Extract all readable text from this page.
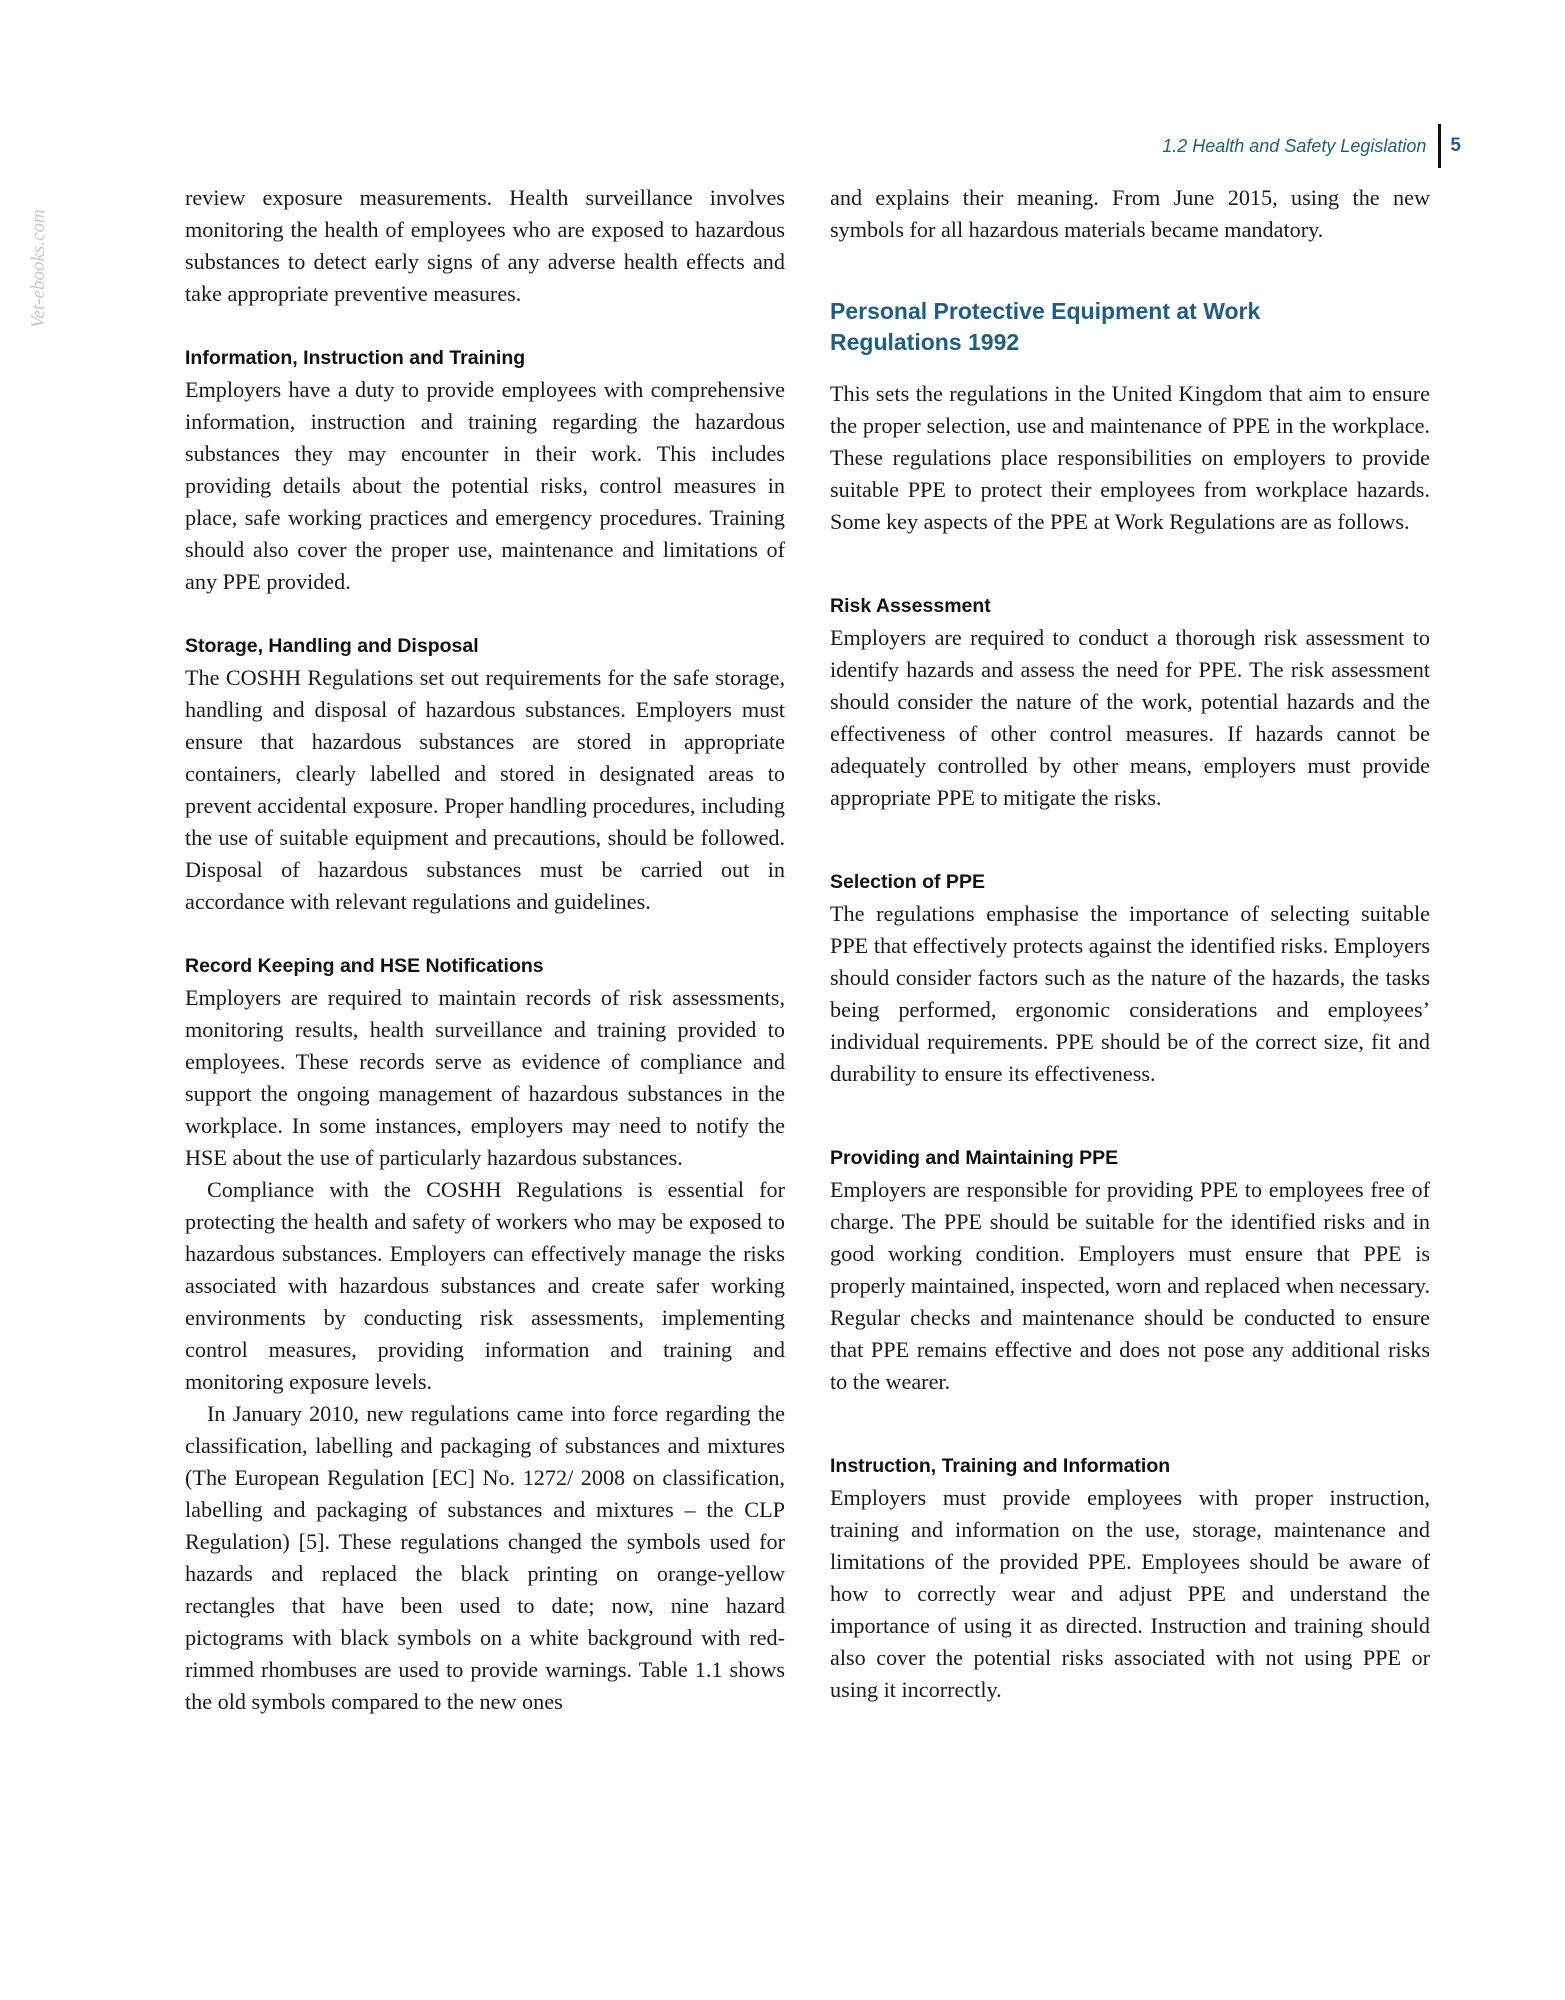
1.2 Health and Safety Legislation	5
Vet-ebooks.com

review exposure measurements. Health surveillance involves monitoring the health of employees who are exposed to hazardous substances to detect early signs of any adverse health effects and take appropriate preventive measures.

Information, Instruction and Training

Employers have a duty to provide employees with comprehensive information, instruction and training regarding the hazardous substances they may encounter in their work. This includes providing details about the potential risks, control measures in place, safe working practices and emergency procedures. Training should also cover the proper use, maintenance and limitations of any PPE provided.

Storage, Handling and Disposal

The COSHH Regulations set out requirements for the safe storage, handling and disposal of hazardous substances. Employers must ensure that hazardous substances are stored in appropriate containers, clearly labelled and stored in designated areas to prevent accidental exposure. Proper handling procedures, including the use of suitable equipment and precautions, should be followed. Disposal of hazardous substances must be carried out in accordance with relevant regulations and guidelines.

Record Keeping and HSE Notifications

Employers are required to maintain records of risk assessments, monitoring results, health surveillance and training provided to employees. These records serve as evidence of compliance and support the ongoing management of hazardous substances in the workplace. In some instances, employers may need to notify the HSE about the use of particularly hazardous substances.

Compliance with the COSHH Regulations is essential for protecting the health and safety of workers who may be exposed to hazardous substances. Employers can effectively manage the risks associated with hazardous substances and create safer working environments by conducting risk assessments, implementing control measures, providing information and training and monitoring exposure levels.

In January 2010, new regulations came into force regarding the classification, labelling and packaging of substances and mixtures (The European Regulation [EC] No. 1272/ 2008 on classification, labelling and packaging of substances and mixtures – the CLP Regulation) [5]. These regulations changed the symbols used for hazards and replaced the black printing on orange-yellow rectangles that have been used to date; now, nine hazard pictograms with black symbols on a white background with red-rimmed rhombuses are used to provide warnings. Table 1.1 shows the old symbols compared to the new ones

and explains their meaning. From June 2015, using the new symbols for all hazardous materials became mandatory.

Personal Protective Equipment at Work
Regulations 1992

This sets the regulations in the United Kingdom that aim to ensure the proper selection, use and maintenance of PPE in the workplace. These regulations place responsibilities on employers to provide suitable PPE to protect their employees from workplace hazards. Some key aspects of the PPE at Work Regulations are as follows.

Risk Assessment

Employers are required to conduct a thorough risk assessment to identify hazards and assess the need for PPE. The risk assessment should consider the nature of the work, potential hazards and the effectiveness of other control measures. If hazards cannot be adequately controlled by other means, employers must provide appropriate PPE to mitigate the risks.

Selection of PPE

The regulations emphasise the importance of selecting suitable PPE that effectively protects against the identified risks. Employers should consider factors such as the nature of the hazards, the tasks being performed, ergonomic considerations and employees’ individual requirements. PPE should be of the correct size, fit and durability to ensure its effectiveness.

Providing and Maintaining PPE

Employers are responsible for providing PPE to employees free of charge. The PPE should be suitable for the identified risks and in good working condition. Employers must ensure that PPE is properly maintained, inspected, worn and replaced when necessary. Regular checks and maintenance should be conducted to ensure that PPE remains effective and does not pose any additional risks to the wearer.

Instruction, Training and Information

Employers must provide employees with proper instruction, training and information on the use, storage, maintenance and limitations of the provided PPE. Employees should be aware of how to correctly wear and adjust PPE and understand the importance of using it as directed. Instruction and training should also cover the potential risks associated with not using PPE or using it incorrectly.
